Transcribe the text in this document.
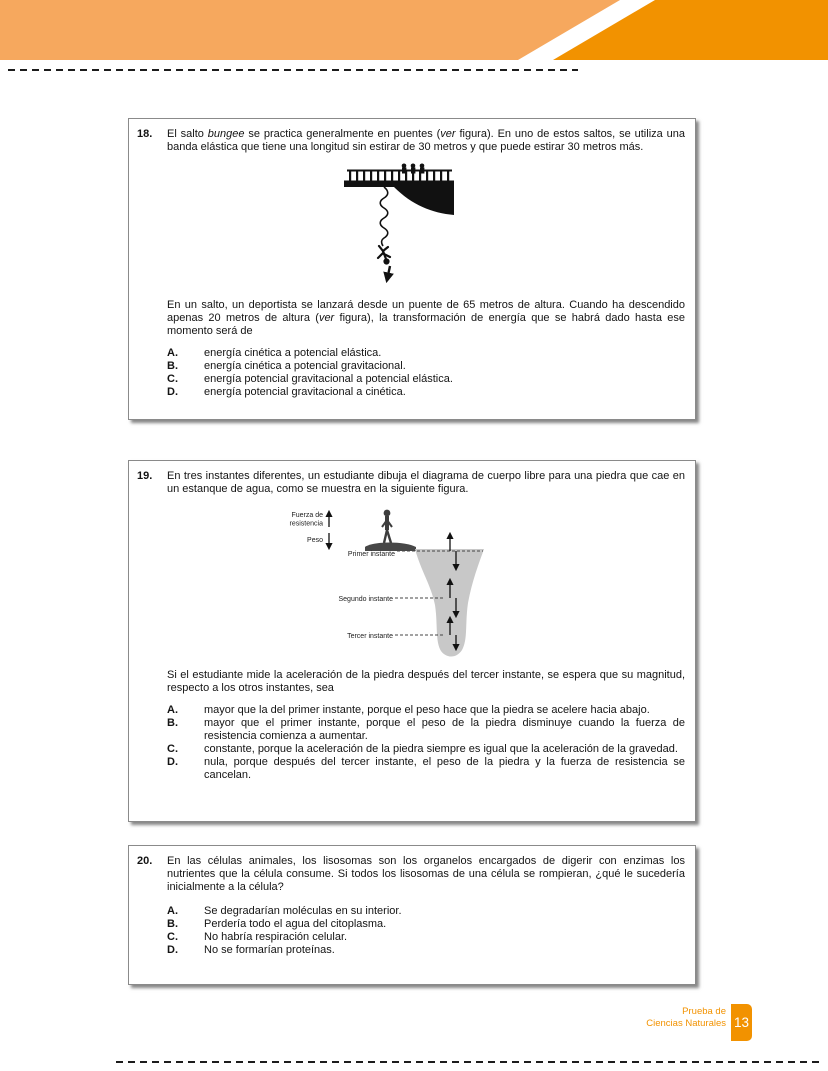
18.	El salto bungee se practica generalmente en puentes (ver figura). En uno de estos saltos, se utiliza una banda elástica que tiene una longitud sin estirar de 30 metros y que puede estirar 30 metros más.

En un salto, un deportista se lanzará desde un puente de 65 metros de altura. Cuando ha descendido apenas 20 metros de altura (ver figura), la transformación de energía que se habrá dado hasta ese momento será de

A.	energía cinética a potencial elástica.
B.	energía cinética a potencial gravitacional.
C.	energía potencial gravitacional a potencial elástica.
D.	energía potencial gravitacional a cinética.
19.	En tres instantes diferentes, un estudiante dibuja el diagrama de cuerpo libre para una piedra que cae en un estanque de agua, como se muestra en la siguiente figura.

Fuerza de
resistencia
Peso
Primer instante
Segundo instante
Tercer instante

Si el estudiante mide la aceleración de la piedra después del tercer instante, se espera que su magnitud, respecto a los otros instantes, sea

A.	mayor que la del primer instante, porque el peso hace que la piedra se acelere hacia abajo.
B.	mayor que el primer instante, porque el peso de la piedra disminuye cuando la fuerza de resistencia comienza a aumentar.
C.	constante, porque la aceleración de la piedra siempre es igual que la aceleración de la gravedad.
D.	nula, porque después del tercer instante, el peso de la piedra y la fuerza de resistencia se cancelan.
20.	En las células animales, los lisosomas son los organelos encargados de digerir con enzimas los nutrientes que la célula consume. Si todos los lisosomas de una célula se rompieran, ¿qué le sucedería inicialmente a la célula?

A.	Se degradarían moléculas en su interior.
B.	Perdería todo el agua del citoplasma.
C.	No habría respiración celular.
D.	No se formarían proteínas.
Prueba de
Ciencias Naturales 13
